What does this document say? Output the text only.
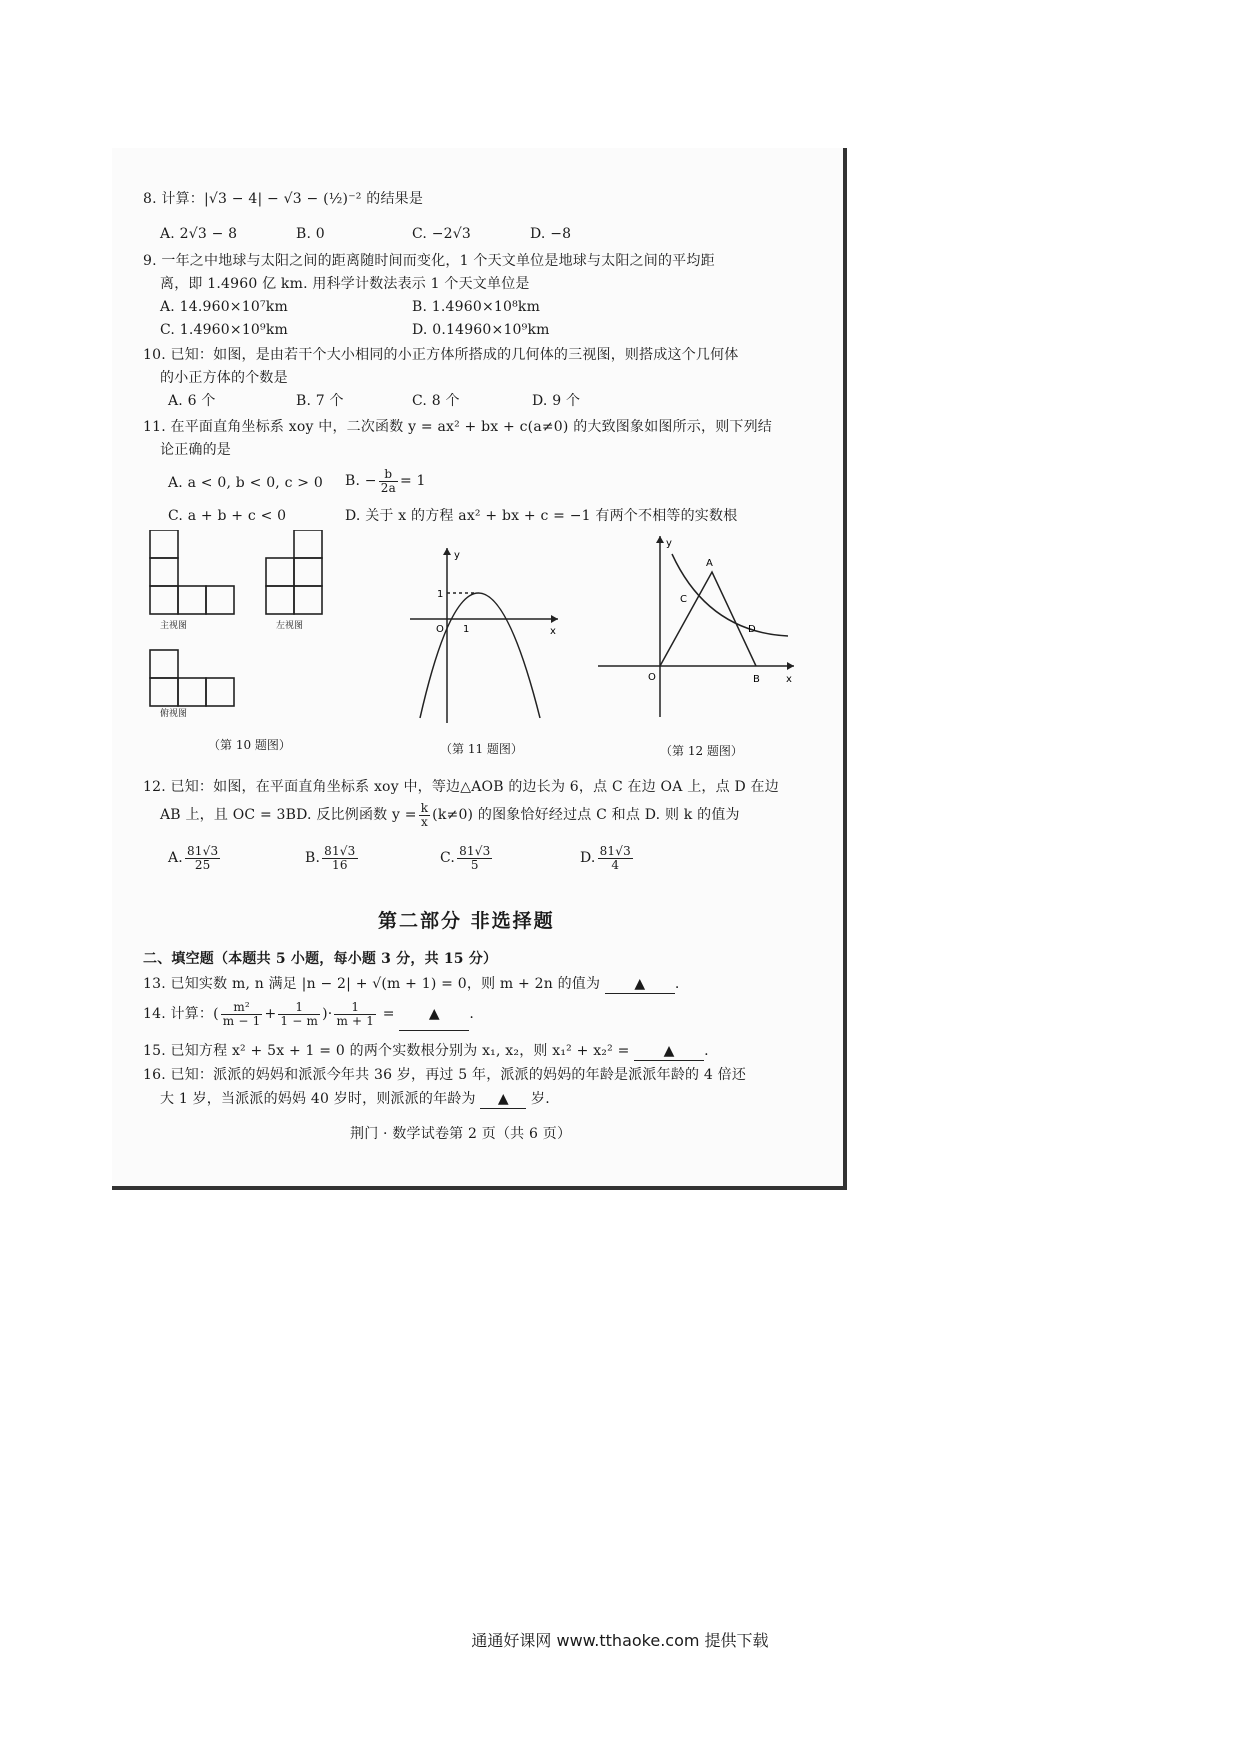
8. 计算：|√3 − 4| − √3 − (½)⁻² 的结果是
A. 2√3 − 8	B. 0	C. −2√3	D. −8
9. 一年之中地球与太阳之间的距离随时间而变化，1 个天文单位是地球与太阳之间的平均距
离，即 1.4960 亿 km. 用科学计数法表示 1 个天文单位是
A. 14.960×10⁷km	B. 1.4960×10⁸km
C. 1.4960×10⁹km	D. 0.14960×10⁹km
10. 已知：如图，是由若干个大小相同的小正方体所搭成的几何体的三视图，则搭成这个几何体
的小正方体的个数是
A. 6 个	B. 7 个	C. 8 个	D. 9 个
11. 在平面直角坐标系 xoy 中，二次函数 y = ax² + bx + c(a≠0) 的大致图象如图所示，则下列结
论正确的是
A. a < 0, b < 0, c > 0 B. − $\frac{b}{2a} = 1$
C. a + b + c < 0	D. 关于 x 的方程 ax² + bx + c = −1 有两个不相等的实数根
主视图	左视图
俯视图
（第 10 题图）
y
x
O
1
1
（第 11 题图）
y
x
O
A
B
C
D
（第 12 题图）
12. 已知：如图，在平面直角坐标系 xoy 中，等边△AOB 的边长为 6，点 C 在边 OA 上，点 D 在边
AB 上，且 OC = 3BD. 反比例函数 $y = \frac{k}{x} (k\ne 0)$ 的图象恰好经过点 C 和点 D. 则 k 的值为
A. $\frac{81√3}{25}$	B. $\frac{81√3}{16}$	C. $\frac{81√3}{5}$	D. $\frac{81√3}{4}$
第二部分 非选择题
二、填空题（本题共 5 小题，每小题 3 分，共 15 分）
13. 已知实数 m, n 满足 |n − 2| + √(m + 1) = 0，则 m + 2n 的值为 ▲ .
14. 计算：( $\frac{\text{m²}}{m - 1} + \frac{1}{1 - m}$ )· $\frac{1}{m + 1}$ = ▲ .
15. 已知方程 x² + 5x + 1 = 0 的两个实数根分别为 x₁, x₂，则 x₁² + x₂² = ▲ .
16. 已知：派派的妈妈和派派今年共 36 岁，再过 5 年，派派的妈妈的年龄是派派年龄的 4 倍还
大 1 岁，当派派的妈妈 40 岁时，则派派的年龄为 ▲ 岁.
荆门 · 数学试卷第 2 页（共 6 页）
通通好课网 www.tthaoke.com 提供下载
